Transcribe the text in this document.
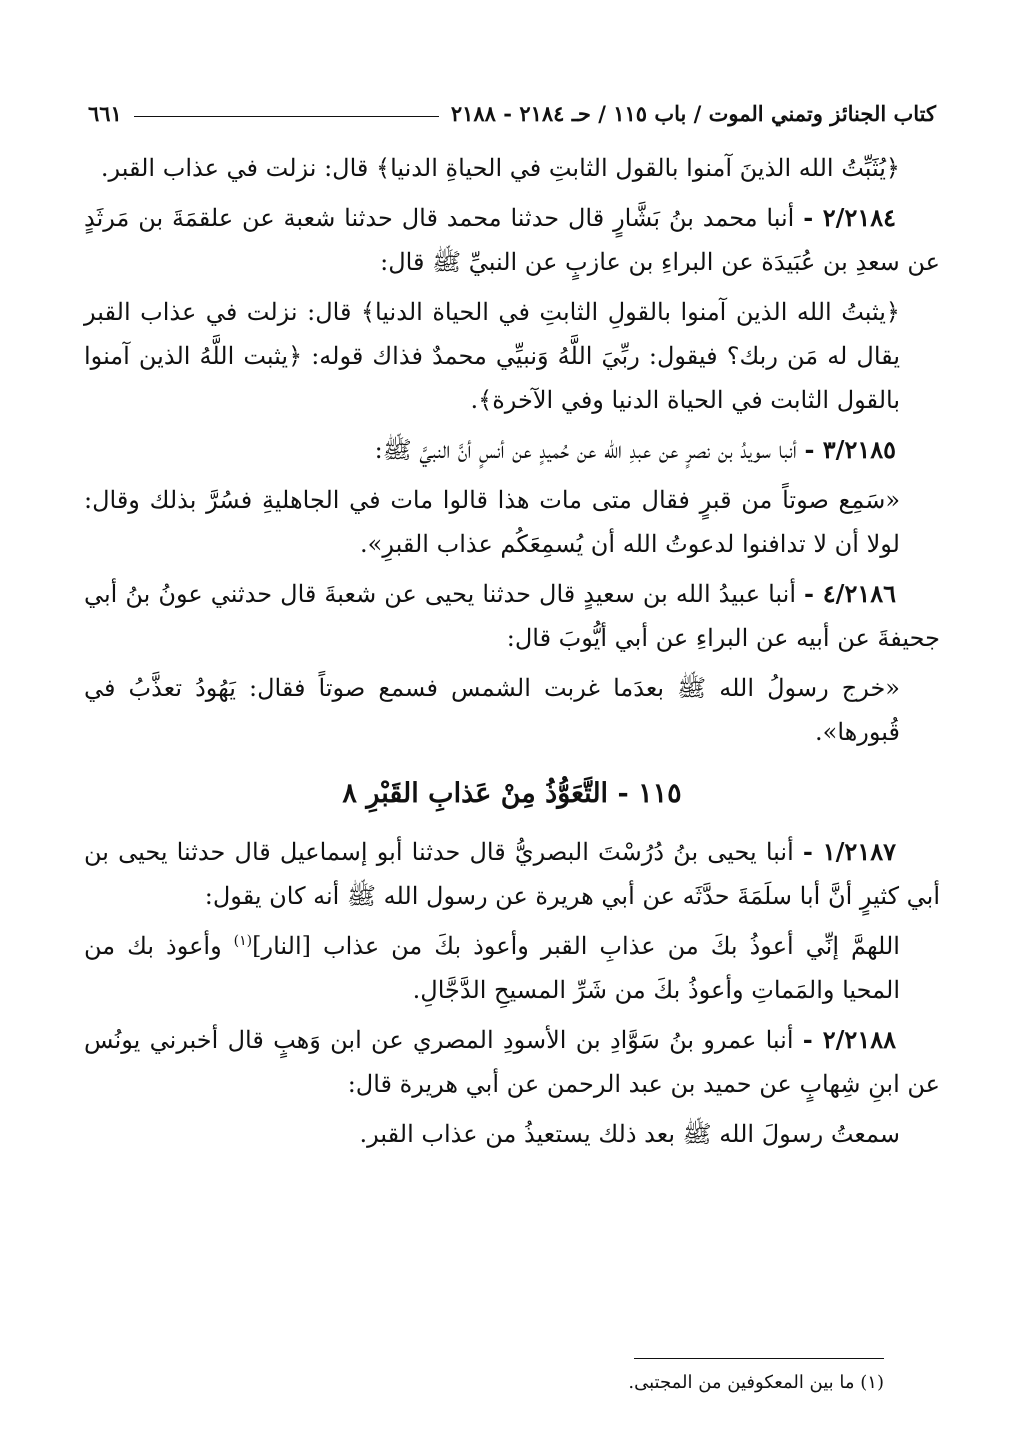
كتاب الجنائز وتمني الموت / باب ١١٥ / حـ ٢١٨٤ - ٢١٨٨
٦٦١

﴿يُثَبِّتُ الله الذينَ آمنوا بالقول الثابتِ في الحياةِ الدنيا﴾ قال: نزلت في عذاب القبر.

٢/٢١٨٤ - أنبا محمد بنُ بَشَّارٍ قال حدثنا محمد قال حدثنا شعبة عن علقمَةَ بن مَرثَدٍ عن سعدِ بن عُبَيدَة عن البراءِ بن عازبٍ عن النبيِّ ﷺ قال:

﴿يثبتُ الله الذين آمنوا بالقولِ الثابتِ في الحياة الدنيا﴾ قال: نزلت في عذاب القبر يقال له مَن ربك؟ فيقول: ربِّيَ اللَّهُ وَنبيِّي محمدٌ فذاك قوله: ﴿يثبت اللَّهُ الذين آمنوا بالقول الثابت في الحياة الدنيا وفي الآخرة﴾.

٣/٢١٨٥ - أنبا سويدُ بن نصرٍ عن عبدِ الله عن حُميدٍ عن أنسٍ أنَّ النبيَّ ﷺ:

«سَمِع صوتاً من قبرٍ فقال متى مات هذا قالوا مات في الجاهليةِ فسُرَّ بذلك وقال: لولا أن لا تدافنوا لدعوتُ الله أن يُسمِعَكُم عذاب القبرِ».

٤/٢١٨٦ - أنبا عبيدُ الله بن سعيدٍ قال حدثنا يحيى عن شعبةَ قال حدثني عونُ بنُ أبي جحيفةَ عن أبيه عن البراءِ عن أبي أيُّوبَ قال:

«خرج رسولُ الله ﷺ بعدَما غربت الشمس فسمع صوتاً فقال: يَهُودُ تعذَّبُ في قُبورها».

١١٥ - التَّعَوُّذُ مِنْ عَذابِ القَبْرِ ٨

١/٢١٨٧ - أنبا يحيى بنُ دُرُسْتَ البصريُّ قال حدثنا أبو إسماعيل قال حدثنا يحيى بن أبي كثيرٍ أنَّ أبا سلَمَةَ حدَّثَه عن أبي هريرة عن رسول الله ﷺ أنه كان يقول:

اللهمَّ إنِّي أعوذُ بكَ من عذابِ القبر وأعوذ بكَ من عذاب [النار]$^{(١)}$ وأعوذ بك من المحيا والمَماتِ وأعوذُ بكَ من شَرِّ المسيحِ الدَّجَّالِ.

٢/٢١٨٨ - أنبا عمرو بنُ سَوَّادِ بن الأسودِ المصري عن ابن وَهبٍ قال أخبرني يونُس عن ابنِ شِهابٍ عن حميد بن عبد الرحمن عن أبي هريرة قال:

سمعتُ رسولَ الله ﷺ بعد ذلك يستعيذُ من عذاب القبر.

(١) ما بين المعكوفين من المجتبى.
